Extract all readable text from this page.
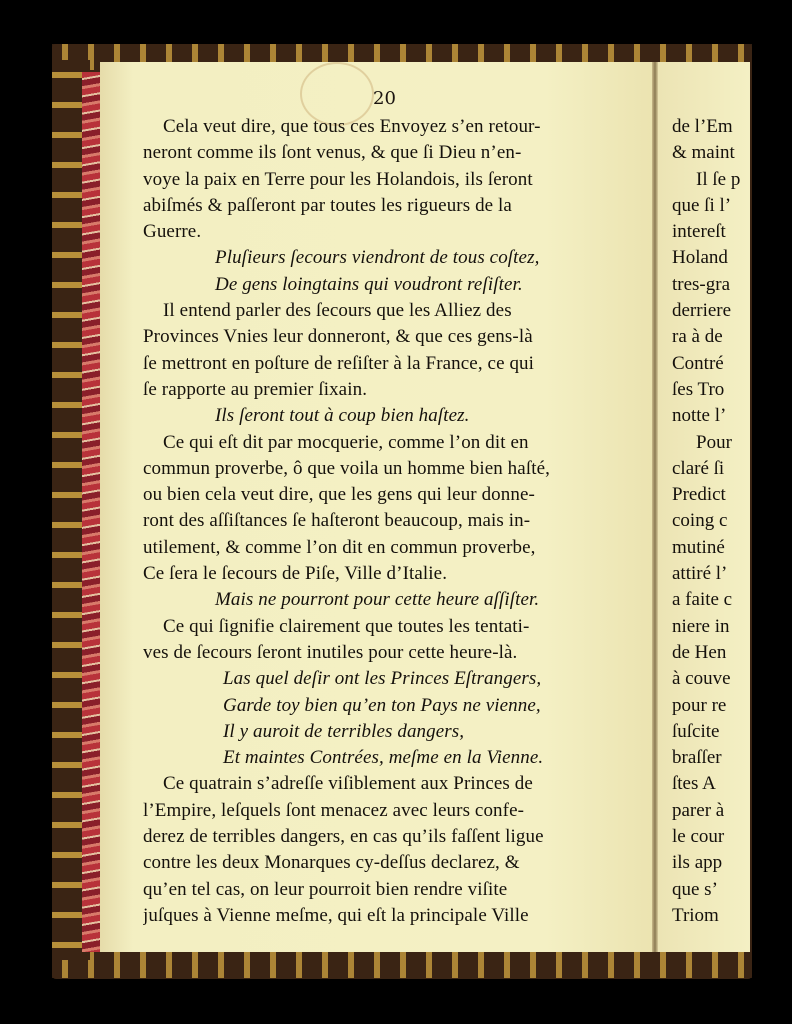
20
Cela veut dire, que tous ces Envoyez s’en retour-
neront comme ils ſont venus, & que ſi Dieu n’en-
voye la paix en Terre pour les Holandois, ils ſeront
abiſmés & paſſeront par toutes les rigueurs de la
Guerre.
Pluſieurs ſecours viendront de tous coſtez,
De gens loingtains qui voudront reſiſter.
Il entend parler des ſecours que les Alliez des
Provinces Vnies leur donneront, & que ces gens-là
ſe mettront en poſture de reſiſter à la France, ce qui
ſe rapporte au premier ſixain.
Ils ſeront tout à coup bien haſtez.
Ce qui eſt dit par mocquerie, comme l’on dit en
commun proverbe, ô que voila un homme bien haſté,
ou bien cela veut dire, que les gens qui leur donne-
ront des aſſiſtances ſe haſteront beaucoup, mais in-
utilement, & comme l’on dit en commun proverbe,
Ce ſera le ſecours de Piſe, Ville d’Italie.
Mais ne pourront pour cette heure aſſiſter.
Ce qui ſignifie clairement que toutes les tentati-
ves de ſecours ſeront inutiles pour cette heure-là.
Las quel deſir ont les Princes Eſtrangers,
Garde toy bien qu’en ton Pays ne vienne,
Il y auroit de terribles dangers,
Et maintes Contrées, meſme en la Vienne.
Ce quatrain s’adreſſe viſiblement aux Princes de
l’Empire, leſquels ſont menacez avec leurs confe-
derez de terribles dangers, en cas qu’ils faſſent ligue
contre les deux Monarques cy-deſſus declarez, &
qu’en tel cas, on leur pourroit bien rendre viſite
juſques à Vienne meſme, qui eſt la principale Ville
de l’Em
& maint
Il ſe p
que ſi l’
intereſt
Holand
tres-gra
derriere
ra à de
Contré
ſes Tro
notte l’
Pour
claré ſi
Predict
coing c
mutiné
attiré l’
a faite c
niere in
de Hen
à couve
pour re
ſuſcite
braſſer
ſtes A
parer à
le cour
ils app
que s’
Triom
